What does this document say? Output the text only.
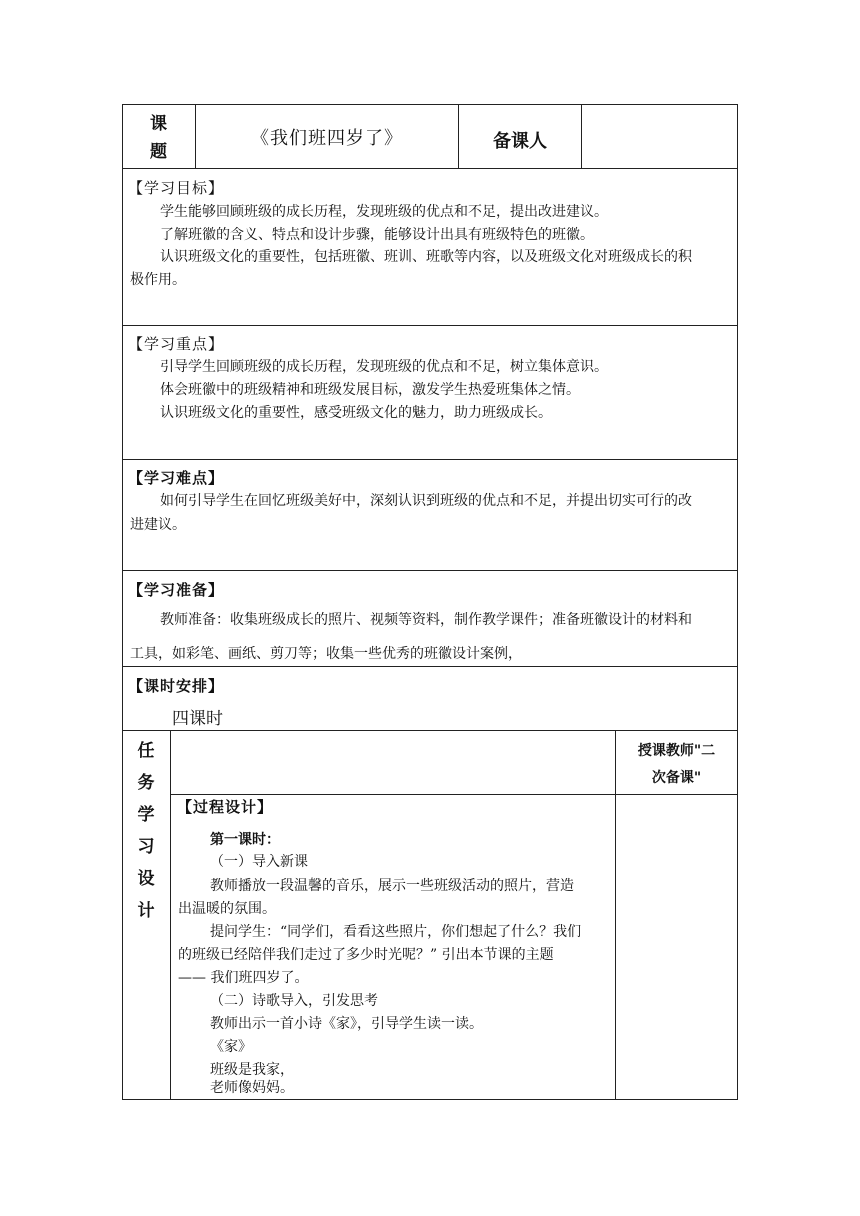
课
题
《我们班四岁了》	备课人
【学习目标】
学生能够回顾班级的成长历程，发现班级的优点和不足，提出改进建议。
了解班徽的含义、特点和设计步骤，能够设计出具有班级特色的班徽。
认识班级文化的重要性，包括班徽、班训、班歌等内容，以及班级文化对班级成长的积
极作用。
【学习重点】
引导学生回顾班级的成长历程，发现班级的优点和不足，树立集体意识。
体会班徽中的班级精神和班级发展目标，激发学生热爱班集体之情。
认识班级文化的重要性，感受班级文化的魅力，助力班级成长。
【学习难点】
如何引导学生在回忆班级美好中，深刻认识到班级的优点和不足，并提出切实可行的改
进建议。
【学习准备】
教师准备：收集班级成长的照片、视频等资料，制作教学课件；准备班徽设计的材料和
工具，如彩笔、画纸、剪刀等；收集一些优秀的班徽设计案例，
【课时安排】
四课时
任
务
学
习
设
计
授课教师"二
次备课"
【过程设计】
第一课时：
（一）导入新课
教师播放一段温馨的音乐，展示一些班级活动的照片，营造
出温暖的氛围。
提问学生：“同学们，看看这些照片，你们想起了什么？我们
的班级已经陪伴我们走过了多少时光呢？” 引出本节课的主题
—— 我们班四岁了。
（二）诗歌导入，引发思考
教师出示一首小诗《家》，引导学生读一读。
《家》
班级是我家，
老师像妈妈。
